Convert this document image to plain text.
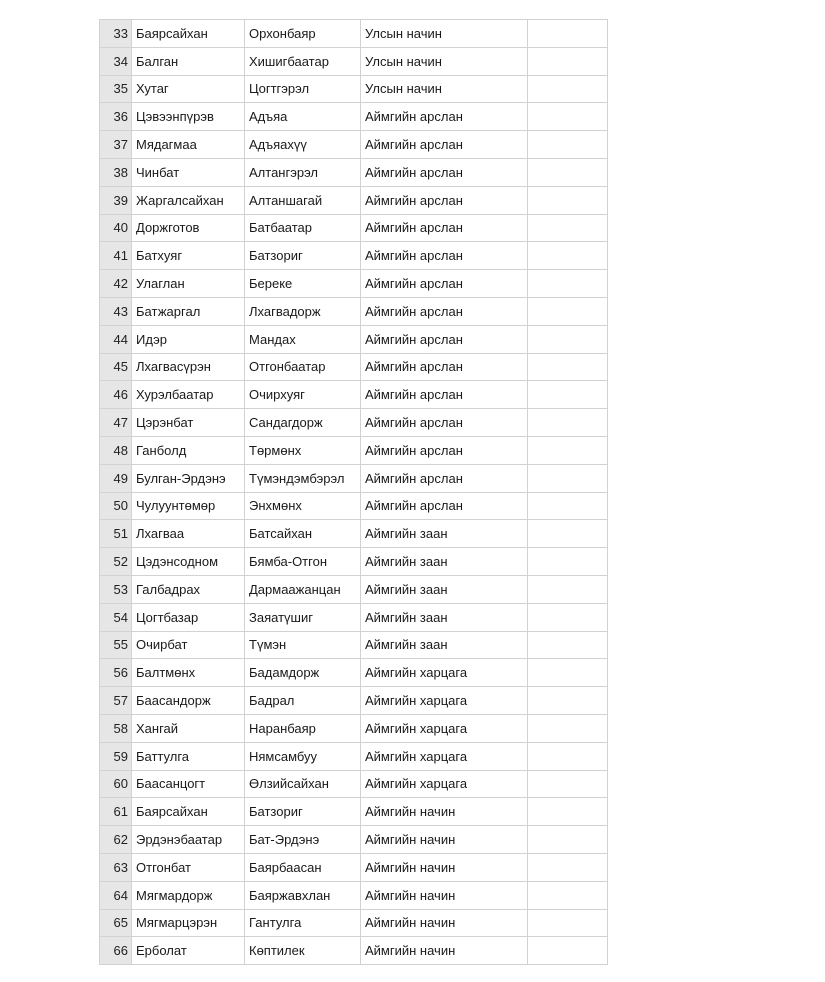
33	Баярсайхан	Орхонбаяр	Улсын начин	
34	Балган	Хишигбаатар	Улсын начин	
35	Хутаг	Цогтгэрэл	Улсын начин	
36	Цэвээнпүрэв	Адъяа	Аймгийн арслан	
37	Мядагмаа	Адъяахүү	Аймгийн арслан	
38	Чинбат	Алтангэрэл	Аймгийн арслан	
39	Жаргалсайхан	Алтаншагай	Аймгийн арслан	
40	Доржготов	Батбаатар	Аймгийн арслан	
41	Батхуяг	Батзориг	Аймгийн арслан	
42	Улаглан	Береке	Аймгийн арслан	
43	Батжаргал	Лхагвадорж	Аймгийн арслан	
44	Идэр	Мандах	Аймгийн арслан	
45	Лхагвасүрэн	Отгонбаатар	Аймгийн арслан	
46	Хурэлбаатар	Очирхуяг	Аймгийн арслан	
47	Цэрэнбат	Сандагдорж	Аймгийн арслан	
48	Ганболд	Төрмөнх	Аймгийн арслан	
49	Булган-Эрдэнэ	Түмэндэмбэрэл	Аймгийн арслан	
50	Чулуунтөмөр	Энхмөнх	Аймгийн арслан	
51	Лхагваа	Батсайхан	Аймгийн заан	
52	Цэдэнсодном	Бямба-Отгон	Аймгийн заан	
53	Галбадрах	Дармаажанцан	Аймгийн заан	
54	Цогтбазар	Заяатүшиг	Аймгийн заан	
55	Очирбат	Түмэн	Аймгийн заан	
56	Балтмөнх	Бадамдорж	Аймгийн харцага	
57	Баасандорж	Бадрал	Аймгийн харцага	
58	Хангай	Наранбаяр	Аймгийн харцага	
59	Баттулга	Нямсамбуу	Аймгийн харцага	
60	Баасанцогт	Өлзийсайхан	Аймгийн харцага	
61	Баярсайхан	Батзориг	Аймгийн начин	
62	Эрдэнэбаатар	Бат-Эрдэнэ	Аймгийн начин	
63	Отгонбат	Баярбаасан	Аймгийн начин	
64	Мягмардорж	Баяржавхлан	Аймгийн начин	
65	Мягмарцэрэн	Гантулга	Аймгийн начин	
66	Ерболат	Көптилек	Аймгийн начин	
